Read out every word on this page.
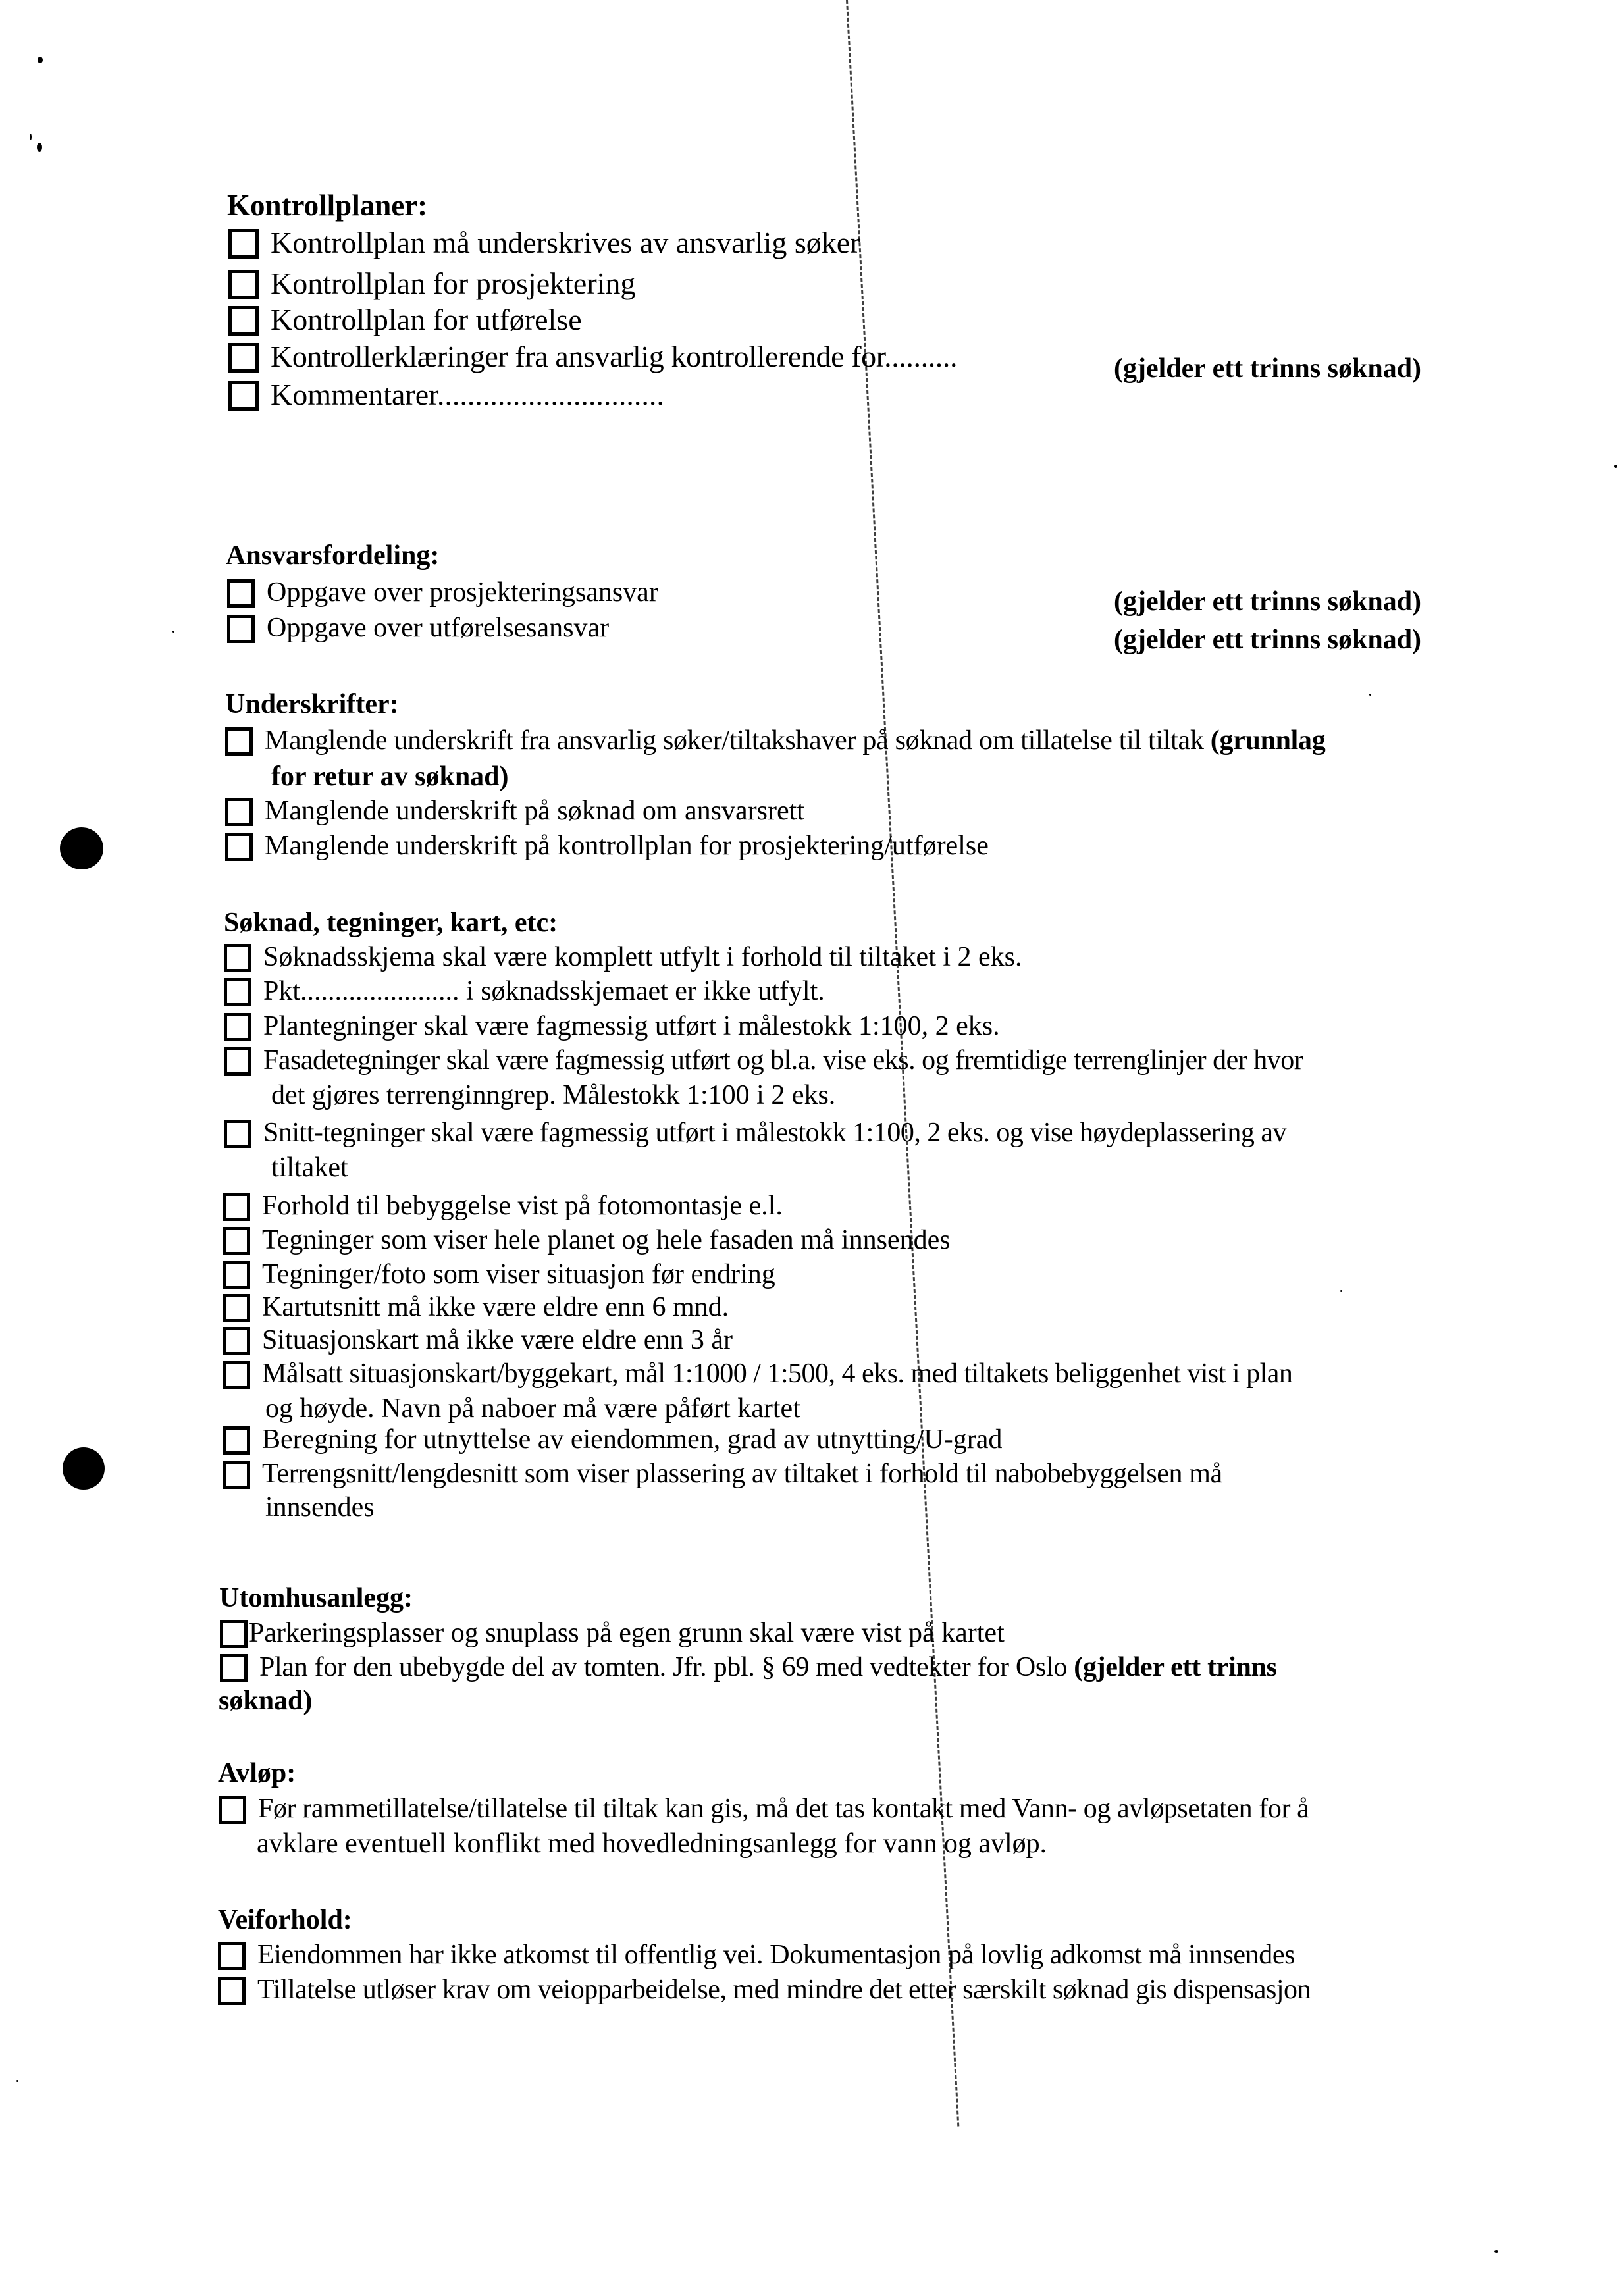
Kontrollplaner:
Kontrollplan må underskrives av ansvarlig søker
Kontrollplan for prosjektering
Kontrollplan for utførelse
Kontrollerklæringer fra ansvarlig kontrollerende for..........	(gjelder ett trinns søknad)
Kommentarer..............................
Ansvarsfordeling:
Oppgave over prosjekteringsansvar	(gjelder ett trinns søknad)
Oppgave over utførelsesansvar	(gjelder ett trinns søknad)
Underskrifter:
Manglende underskrift fra ansvarlig søker/tiltakshaver på søknad om tillatelse til tiltak (grunnlag
for retur av søknad)
Manglende underskrift på søknad om ansvarsrett
Manglende underskrift på kontrollplan for prosjektering/utførelse
Søknad, tegninger, kart, etc:
Søknadsskjema skal være komplett utfylt i forhold til tiltaket i 2 eks.
Pkt....................... i søknadsskjemaet er ikke utfylt.
Plantegninger skal være fagmessig utført i målestokk 1:100, 2 eks.
Fasadetegninger skal være fagmessig utført og bl.a. vise eks. og fremtidige terrenglinjer der hvor
det gjøres terrenginngrep. Målestokk 1:100 i 2 eks.
Snitt-tegninger skal være fagmessig utført i målestokk 1:100, 2 eks. og vise høydeplassering av
tiltaket
Forhold til bebyggelse vist på fotomontasje e.l.
Tegninger som viser hele planet og hele fasaden må innsendes
Tegninger/foto som viser situasjon før endring
Kartutsnitt må ikke være eldre enn 6 mnd.
Situasjonskart må ikke være eldre enn 3 år
Målsatt situasjonskart/byggekart, mål 1:1000 / 1:500, 4 eks. med tiltakets beliggenhet vist i plan
og høyde. Navn på naboer må være påført kartet
Beregning for utnyttelse av eiendommen, grad av utnytting/U-grad
Terrengsnitt/lengdesnitt som viser plassering av tiltaket i forhold til nabobebyggelsen må
innsendes
Utomhusanlegg:
Parkeringsplasser og snuplass på egen grunn skal være vist på kartet
Plan for den ubebygde del av tomten. Jfr. pbl. § 69 med vedtekter for Oslo (gjelder ett trinns
søknad)
Avløp:
Før rammetillatelse/tillatelse til tiltak kan gis, må det tas kontakt med Vann- og avløpsetaten for å
avklare eventuell konflikt med hovedledningsanlegg for vann og avløp.
Veiforhold:
Eiendommen har ikke atkomst til offentlig vei. Dokumentasjon på lovlig adkomst må innsendes
Tillatelse utløser krav om veiopparbeidelse, med mindre det etter særskilt søknad gis dispensasjon
